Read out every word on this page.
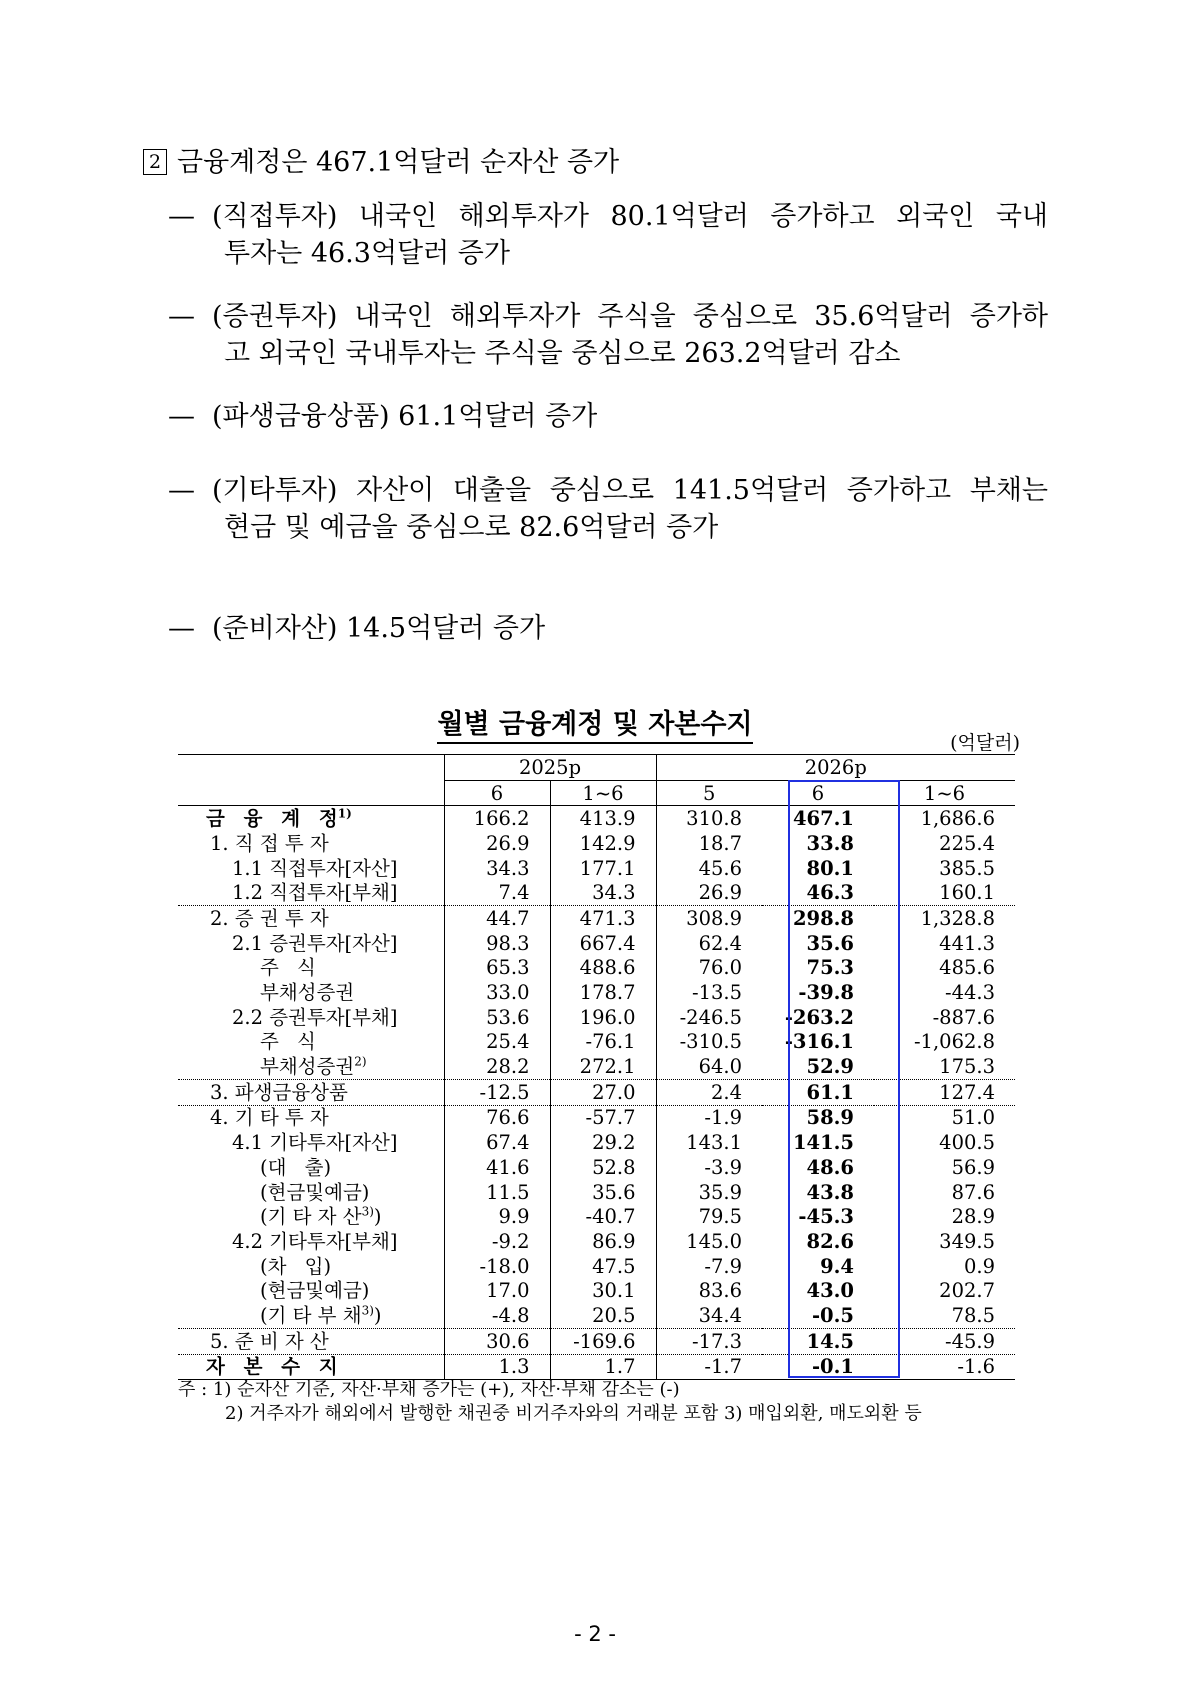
2 금융계정은 467.1억달러 순자산 증가
— (직접투자) 내국인 해외투자가 80.1억달러 증가하고 외국인 국내
투자는 46.3억달러 증가
— (증권투자) 내국인 해외투자가 주식을 중심으로 35.6억달러 증가하
고 외국인 국내투자는 주식을 중심으로 263.2억달러 감소
— (파생금융상품) 61.1억달러 증가
— (기타투자) 자산이 대출을 중심으로 141.5억달러 증가하고 부채는
현금 및 예금을 중심으로 82.6억달러 증가
— (준비자산) 14.5억달러 증가
월별 금융계정 및 자본수지
(억달러)
	2025p		2026p		
	6	1~6	5	6	1~6
금 융 계 정$^{1)}$	166.2	413.9	310.8	467.1	1,686.6
1. 직 접 투 자	26.9	142.9	18.7	33.8	225.4
1.1 직접투자[자산]	34.3	177.1	45.6	80.1	385.5
1.2 직접투자[부채]	7.4	34.3	26.9	46.3	160.1
2. 증 권 투 자	44.7	471.3	308.9	298.8	1,328.8
2.1 증권투자[자산]	98.3	667.4	62.4	35.6	441.3
주 식	65.3	488.6	76.0	75.3	485.6
부채성증권	33.0	178.7	-13.5	-39.8	-44.3
2.2 증권투자[부채]	53.6	196.0	-246.5	-263.2	-887.6
주 식	25.4	-76.1	-310.5	-316.1	-1,062.8
부채성증권$^{2)}$	28.2	272.1	64.0	52.9	175.3
3. 파생금융상품	-12.5	27.0	2.4	61.1	127.4
4. 기 타 투 자	76.6	-57.7	-1.9	58.9	51.0
4.1 기타투자[자산]	67.4	29.2	143.1	141.5	400.5
(대 출)	41.6	52.8	-3.9	48.6	56.9
(현금및예금)	11.5	35.6	35.9	43.8	87.6
(기 타 자 산$^{3)}$)	9.9	-40.7	79.5	-45.3	28.9
4.2 기타투자[부채]	-9.2	86.9	145.0	82.6	349.5
(차 입)	-18.0	47.5	-7.9	9.4	0.9
(현금및예금)	17.0	30.1	83.6	43.0	202.7
(기 타 부 채$^{3)}$)	-4.8	20.5	34.4	-0.5	78.5
5. 준 비 자 산	30.6	-169.6	-17.3	14.5	-45.9
자 본 수 지	1.3	1.7	-1.7	-0.1	-1.6
주 : 1) 순자산 기준, 자산·부채 증가는 (+), 자산·부채 감소는 (-)
2) 거주자가 해외에서 발행한 채권중 비거주자와의 거래분 포함 3) 매입외환, 매도외환 등
- 2 -
